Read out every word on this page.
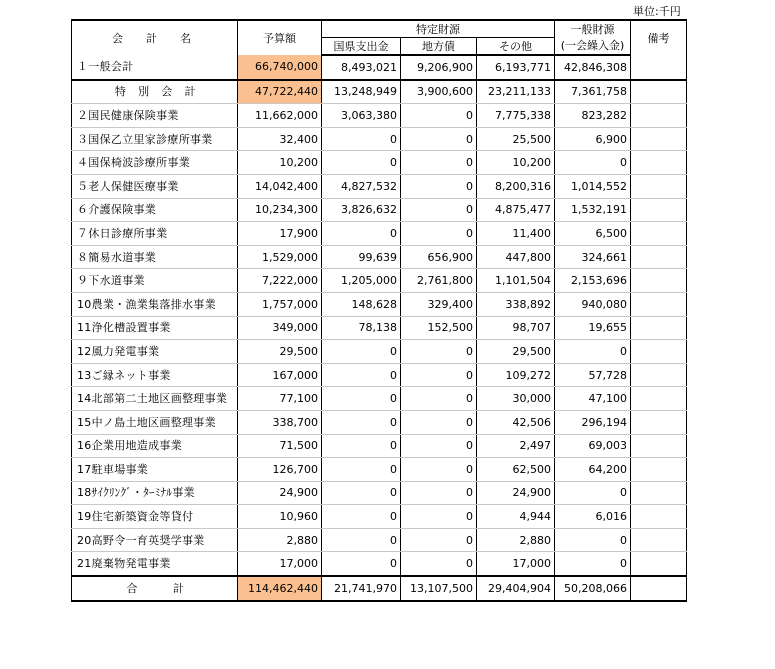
単位:千円
会　計　名	予算額	特定財源			一般財源	備考
		国県支出金	地方債	その他	(一会繰入金)	
１一般会計	66,740,000	8,493,021	9,206,900	6,193,771	42,846,308	
特　別　会　計	47,722,440	13,248,949	3,900,600	23,211,133	7,361,758	
２国民健康保険事業	11,662,000	3,063,380	0	7,775,338	823,282	
３国保乙立里家診療所事業	32,400	0	0	25,500	6,900	
４国保椅波診療所事業	10,200	0	0	10,200	0	
５老人保健医療事業	14,042,400	4,827,532	0	8,200,316	1,014,552	
６介護保険事業	10,234,300	3,826,632	0	4,875,477	1,532,191	
７休日診療所事業	17,900	0	0	11,400	6,500	
８簡易水道事業	1,529,000	99,639	656,900	447,800	324,661	
９下水道事業	7,222,000	1,205,000	2,761,800	1,101,504	2,153,696	
10農業・漁業集落排水事業	1,757,000	148,628	329,400	338,892	940,080	
11浄化槽設置事業	349,000	78,138	152,500	98,707	19,655	
12風力発電事業	29,500	0	0	29,500	0	
13ご縁ネット事業	167,000	0	0	109,272	57,728	
14北部第二土地区画整理事業	77,100	0	0	30,000	47,100	
15中ノ島土地区画整理事業	338,700	0	0	42,506	296,194	
16企業用地造成事業	71,500	0	0	2,497	69,003	
17駐車場事業	126,700	0	0	62,500	64,200	
18ｻｲｸﾘﾝｸﾞ・ﾀｰﾐﾅﾙ事業	24,900	0	0	24,900	0	
19住宅新築資金等貸付	10,960	0	0	4,944	6,016	
20高野令一育英奨学事業	2,880	0	0	2,880	0	
21廃棄物発電事業	17,000	0	0	17,000	0	
合　　　計	114,462,440	21,741,970	13,107,500	29,404,904	50,208,066	
